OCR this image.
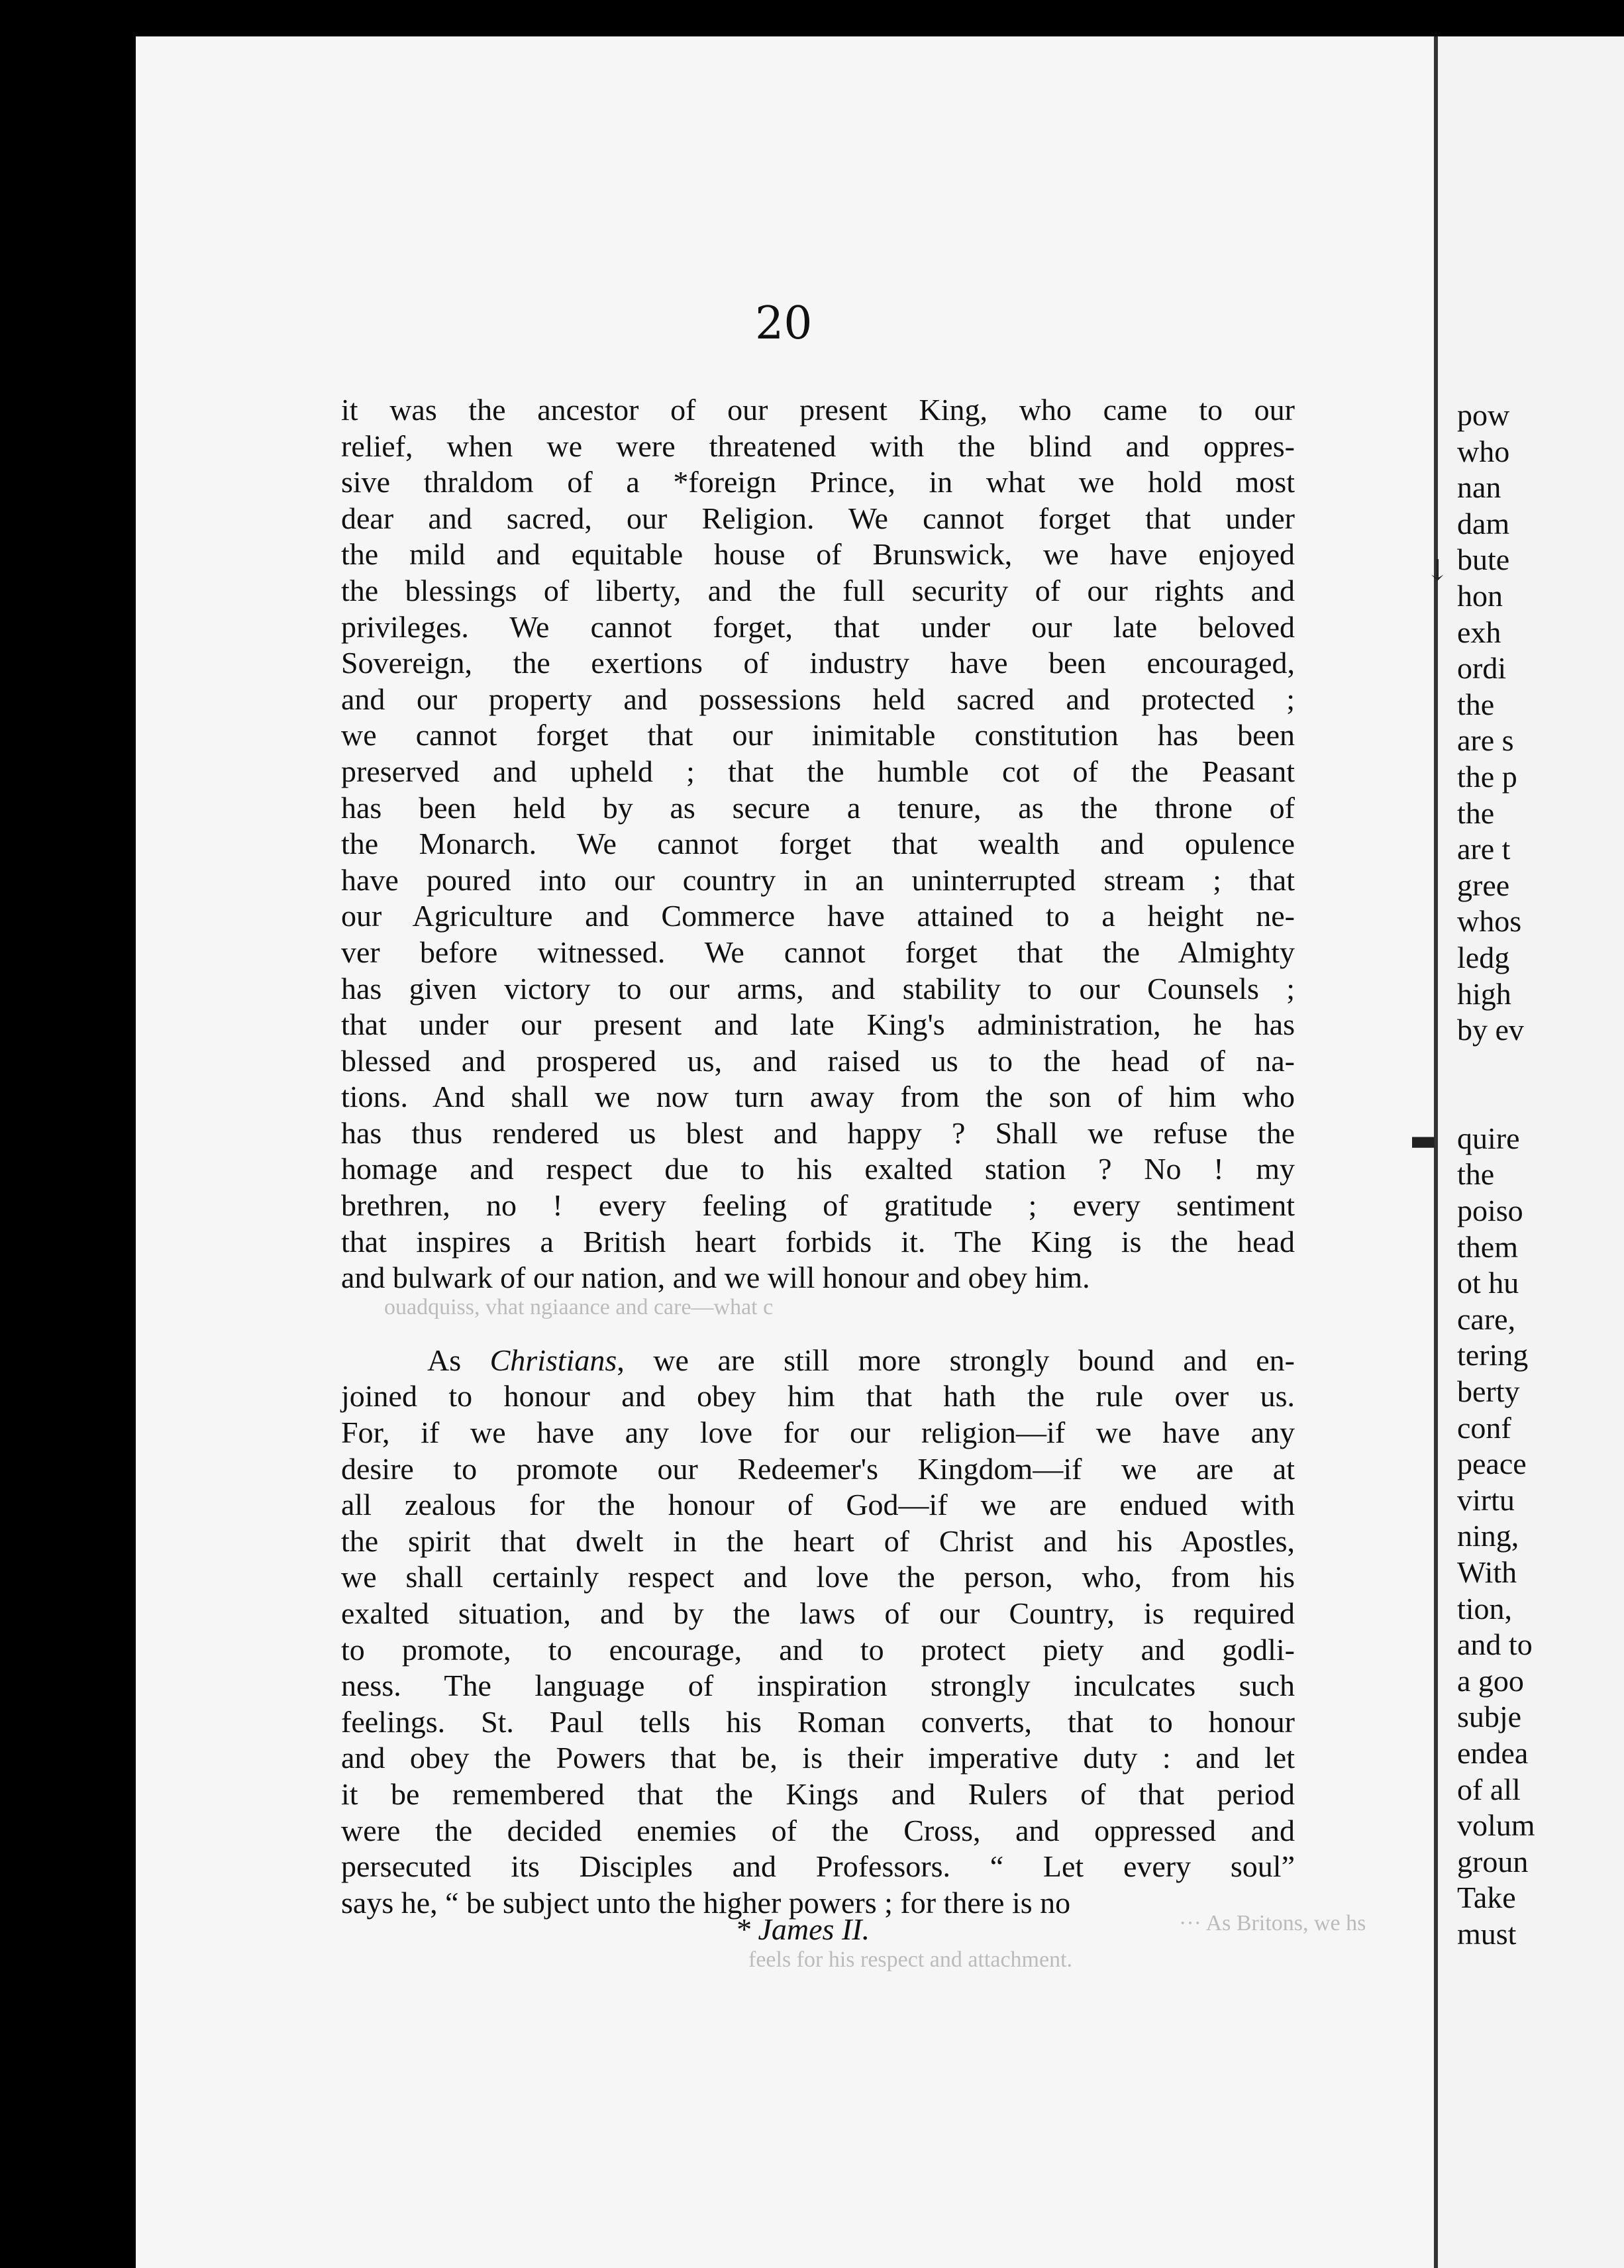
20
it was the ancestor of our present King, who came to our
relief, when we were threatened with the blind and oppres-
sive thraldom of a *foreign Prince, in what we hold most
dear and sacred, our Religion. We cannot forget that under
the mild and equitable house of Brunswick, we have enjoyed
the blessings of liberty, and the full security of our rights and
privileges. We cannot forget, that under our late beloved
Sovereign, the exertions of industry have been encouraged,
and our property and possessions held sacred and protected ;
we cannot forget that our inimitable constitution has been
preserved and upheld ; that the humble cot of the Peasant
has been held by as secure a tenure, as the throne of
the Monarch. We cannot forget that wealth and opulence
have poured into our country in an uninterrupted stream ; that
our Agriculture and Commerce have attained to a height ne-
ver before witnessed. We cannot forget that the Almighty
has given victory to our arms, and stability to our Counsels ;
that under our present and late King's administration, he has
blessed and prospered us, and raised us to the head of na-
tions. And shall we now turn away from the son of him who
has thus rendered us blest and happy ? Shall we refuse the
homage and respect due to his exalted station ? No ! my
brethren, no ! every feeling of gratitude ; every sentiment
that inspires a British heart forbids it. The King is the head
and bulwark of our nation, and we will honour and obey him.
As Christians, we are still more strongly bound and en-
joined to honour and obey him that hath the rule over us.
For, if we have any love for our religion—if we have any
desire to promote our Redeemer's Kingdom—if we are at
all zealous for the honour of God—if we are endued with
the spirit that dwelt in the heart of Christ and his Apostles,
we shall certainly respect and love the person, who, from his
exalted situation, and by the laws of our Country, is required
to promote, to encourage, and to protect piety and godli-
ness. The language of inspiration strongly inculcates such
feelings. St. Paul tells his Roman converts, that to honour
and obey the Powers that be, is their imperative duty : and let
it be remembered that the Kings and Rulers of that period
were the decided enemies of the Cross, and oppressed and
persecuted its Disciples and Professors. “ Let every soul”
says he, “ be subject unto the higher powers ; for there is no
* James II.
pow
who
nan
dam
bute
hon
exh
ordi
the
are s
the p
the
are t
gree
whos
ledg
high
by ev
quire
the
poiso
them
ot hu
care,
tering
berty
conf
peace
virtu
ning,
With
tion,
and to
a goo
subje
endea
of all
volum
groun
Take
must
↓
▬
ouadquiss, vhat ngiaance and care—what c
··· As Britons, we hs
feels for his respect and attachment.
